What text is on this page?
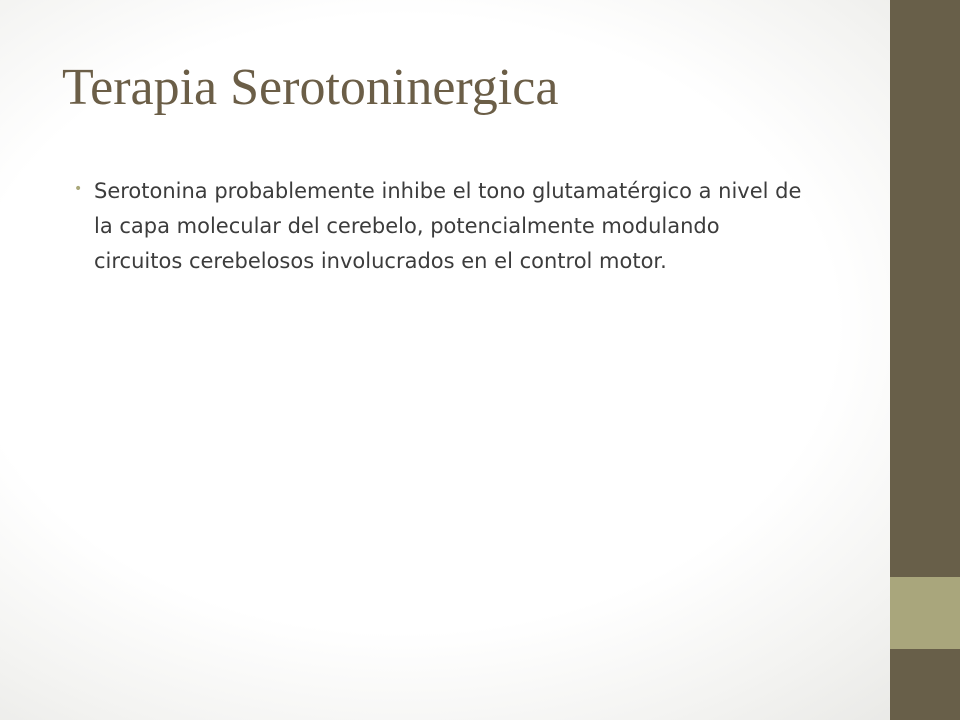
Terapia Serotoninergica
• Serotonina probablemente inhibe el tono glutamatérgico a nivel de la capa molecular del cerebelo, potencialmente modulando circuitos cerebelosos involucrados en el control motor.
